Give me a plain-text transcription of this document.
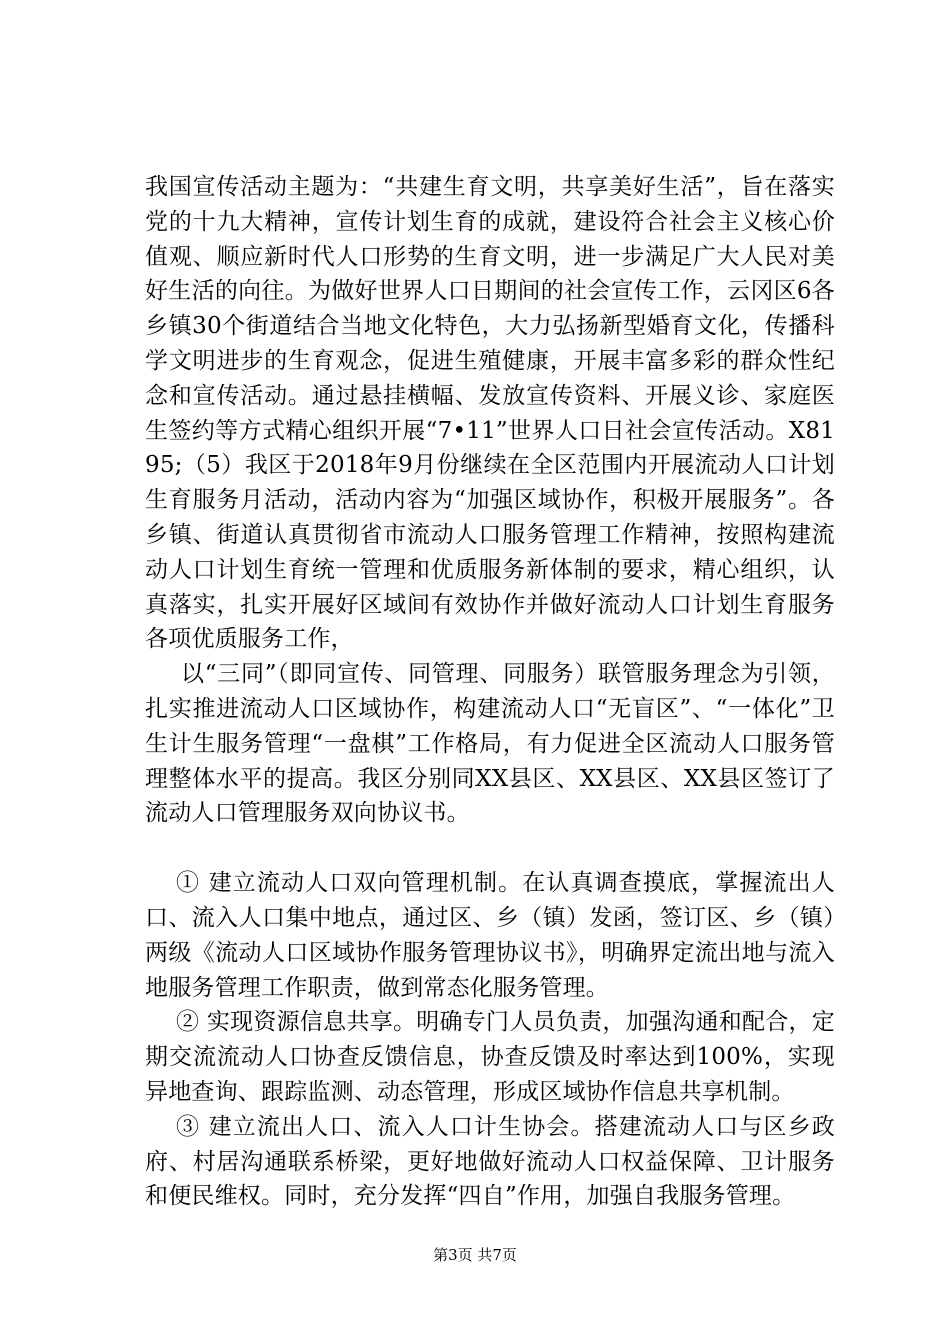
我国宣传活动主题为：“共建生育文明，共享美好生活”，旨在落实党的十九大精神，宣传计划生育的成就，建设符合社会主义核心价值观、顺应新时代人口形势的生育文明，进一步满足广大人民对美好生活的向往。为做好世界人口日期间的社会宣传工作，云冈区6各乡镇30个街道结合当地文化特色，大力弘扬新型婚育文化，传播科学文明进步的生育观念，促进生殖健康，开展丰富多彩的群众性纪念和宣传活动。通过悬挂横幅、发放宣传资料、开展义诊、家庭医生签约等方式精心组织开展“7•11”世界人口日社会宣传活动。X8195;（5）我区于2018年9月份继续在全区范围内开展流动人口计划生育服务月活动，活动内容为“加强区域协作，积极开展服务”。各乡镇、街道认真贯彻省市流动人口服务管理工作精神，按照构建流动人口计划生育统一管理和优质服务新体制的要求，精心组织，认真落实，扎实开展好区域间有效协作并做好流动人口计划生育服务各项优质服务工作，

以“三同”（即同宣传、同管理、同服务）联管服务理念为引领，扎实推进流动人口区域协作，构建流动人口“无盲区”、“一体化”卫生计生服务管理“一盘棋”工作格局，有力促进全区流动人口服务管理整体水平的提高。我区分别同XX县区、XX县区、XX县区签订了流动人口管理服务双向协议书。

① 建立流动人口双向管理机制。在认真调查摸底，掌握流出人口、流入人口集中地点，通过区、乡（镇）发函，签订区、乡（镇）两级《流动人口区域协作服务管理协议书》，明确界定流出地与流入地服务管理工作职责，做到常态化服务管理。

② 实现资源信息共享。明确专门人员负责，加强沟通和配合，定期交流流动人口协查反馈信息，协查反馈及时率达到100%，实现异地查询、跟踪监测、动态管理，形成区域协作信息共享机制。

③ 建立流出人口、流入人口计生协会。搭建流动人口与区乡政府、村居沟通联系桥梁，更好地做好流动人口权益保障、卫计服务和便民维权。同时，充分发挥“四自”作用，加强自我服务管理。

第3页 共7页
